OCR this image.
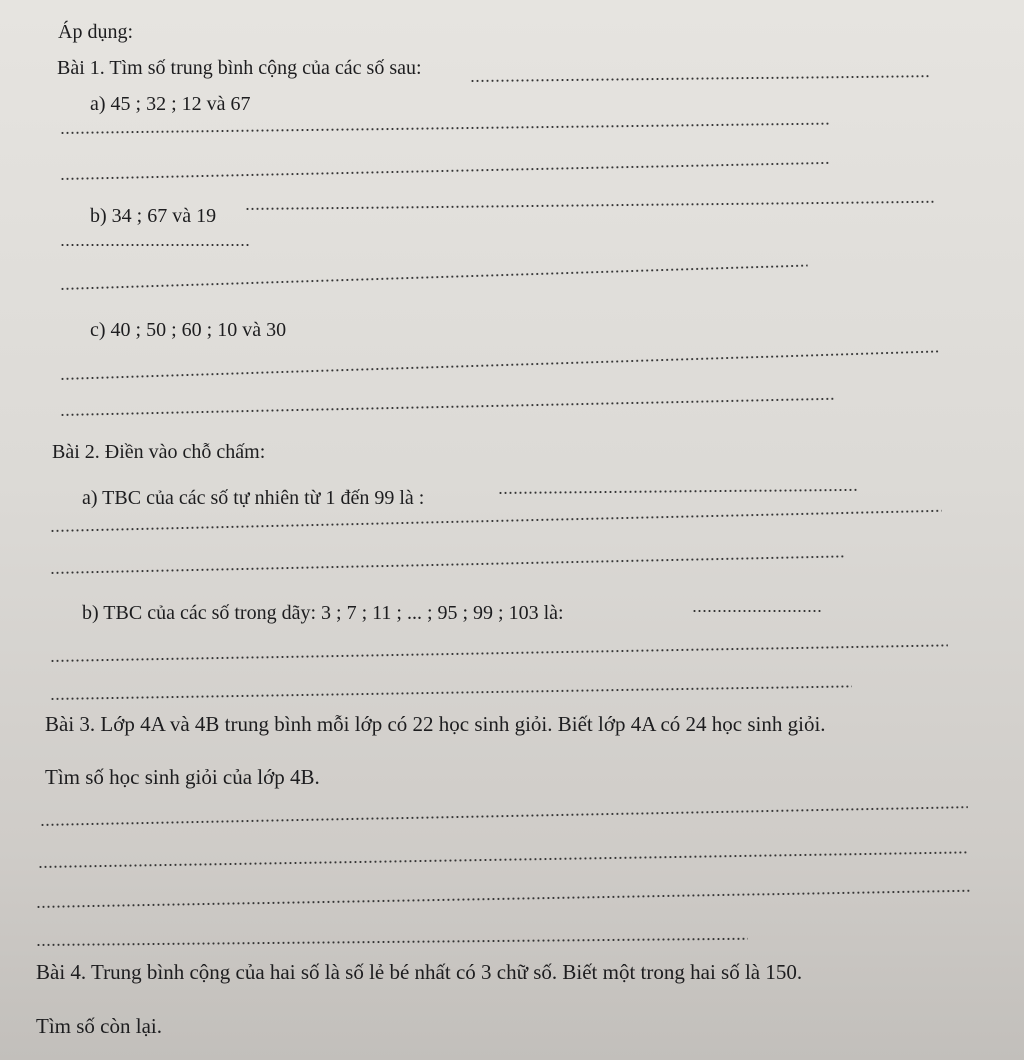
Áp dụng:
Bài 1. Tìm số trung bình cộng của các số sau:
a) 45 ; 32 ; 12 và 67
b) 34 ; 67 và 19
c) 40 ; 50 ; 60 ; 10 và 30
Bài 2. Điền vào chỗ chấm:
a) TBC của các số tự nhiên từ 1 đến 99 là :
b) TBC của các số trong dãy: 3 ; 7 ; 11 ; ... ; 95 ; 99 ; 103 là:
Bài 3. Lớp 4A và 4B trung bình mỗi lớp có 22 học sinh giỏi. Biết lớp 4A có 24 học sinh giỏi.
Tìm số học sinh giỏi của lớp 4B.
Bài 4. Trung bình cộng của hai số là số lẻ bé nhất có 3 chữ số. Biết một trong hai số là 150.
Tìm số còn lại.
